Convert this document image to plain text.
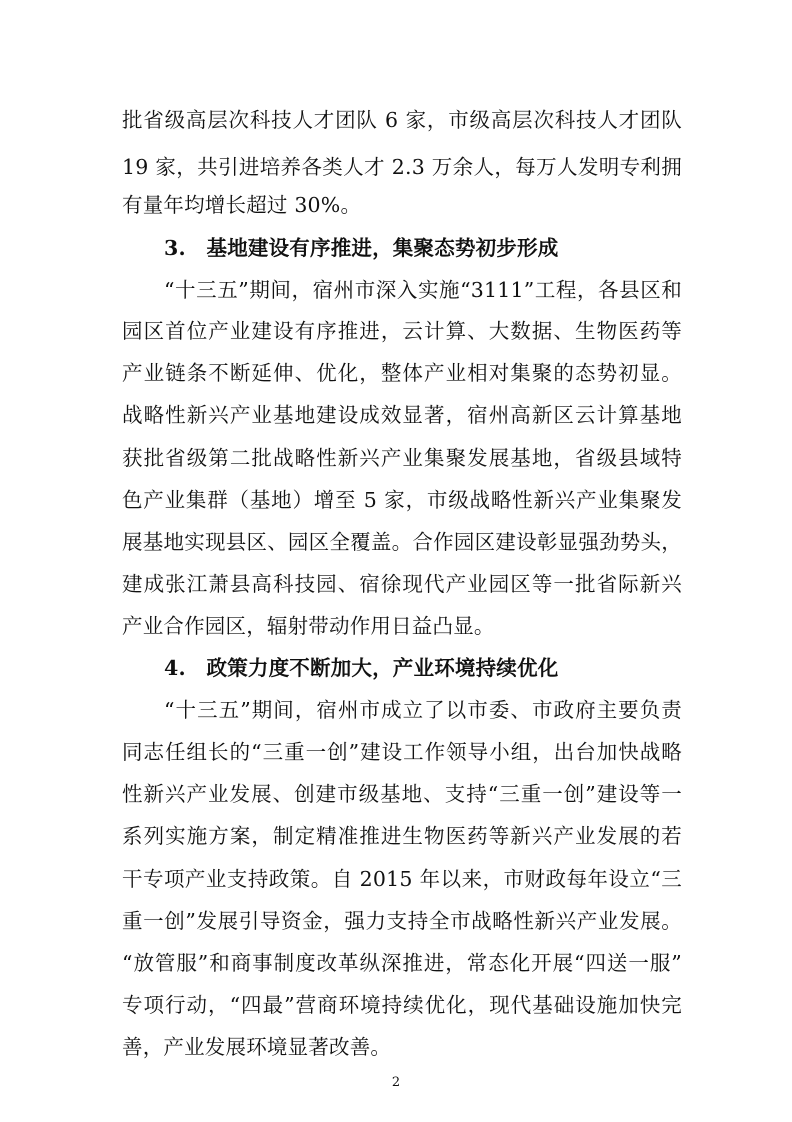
批省级高层次科技人才团队 6 家，市级高层次科技人才团队
19 家，共引进培养各类人才 2.3 万余人，每万人发明专利拥
有量年均增长超过 30%。
3.　基地建设有序推进，集聚态势初步形成
“十三五”期间，宿州市深入实施“3111”工程，各县区和
园区首位产业建设有序推进，云计算、大数据、生物医药等
产业链条不断延伸、优化，整体产业相对集聚的态势初显。
战略性新兴产业基地建设成效显著，宿州高新区云计算基地
获批省级第二批战略性新兴产业集聚发展基地，省级县域特
色产业集群（基地）增至 5 家，市级战略性新兴产业集聚发
展基地实现县区、园区全覆盖。合作园区建设彰显强劲势头，
建成张江萧县高科技园、宿徐现代产业园区等一批省际新兴
产业合作园区，辐射带动作用日益凸显。
4.　政策力度不断加大，产业环境持续优化
“十三五”期间，宿州市成立了以市委、市政府主要负责
同志任组长的“三重一创”建设工作领导小组，出台加快战略
性新兴产业发展、创建市级基地、支持“三重一创”建设等一
系列实施方案，制定精准推进生物医药等新兴产业发展的若
干专项产业支持政策。自 2015 年以来，市财政每年设立“三
重一创”发展引导资金，强力支持全市战略性新兴产业发展。
“放管服”和商事制度改革纵深推进，常态化开展“四送一服”
专项行动，“四最”营商环境持续优化，现代基础设施加快完
善，产业发展环境显著改善。
2
